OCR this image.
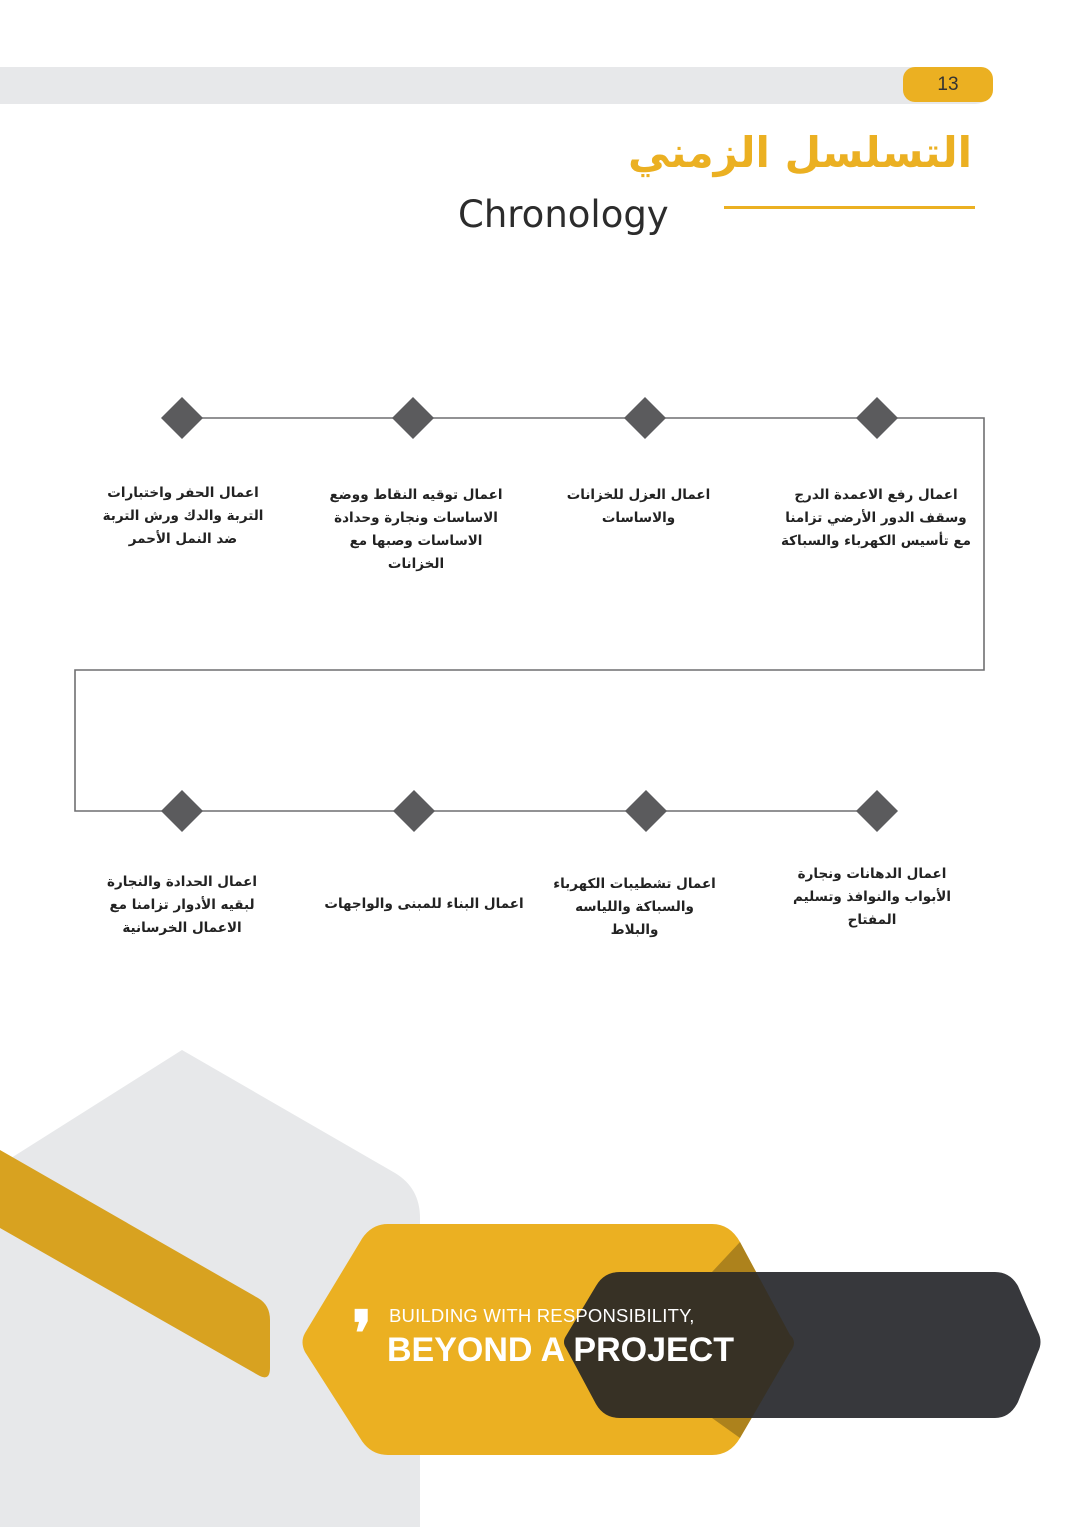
13
التسلسل الزمني
Chronology
اعمال رفع الاعمدة الدرج وسقف الدور الأرضي تزامنا مع تأسيس الكهرباء والسباكة
اعمال العزل للخزانات والاساسات
اعمال توقيه النقاط ووضع الاساسات ونجارة وحدادة الاساسات وصبها مع الخزانات
اعمال الحفر واختبارات التربة والدك ورش التربة ضد النمل الأحمر
اعمال الدهانات ونجارة الأبواب والنوافذ وتسليم المفتاح
اعمال تشطيبات الكهرباء والسباكة واللياسه والبلاط
اعمال البناء للمبنى والواجهات
اعمال الحدادة والنجارة لبقيه الأدوار تزامنا مع الاعمال الخرسانية
❜ BUILDING WITH RESPONSIBILITY,
BEYOND A PROJECT
